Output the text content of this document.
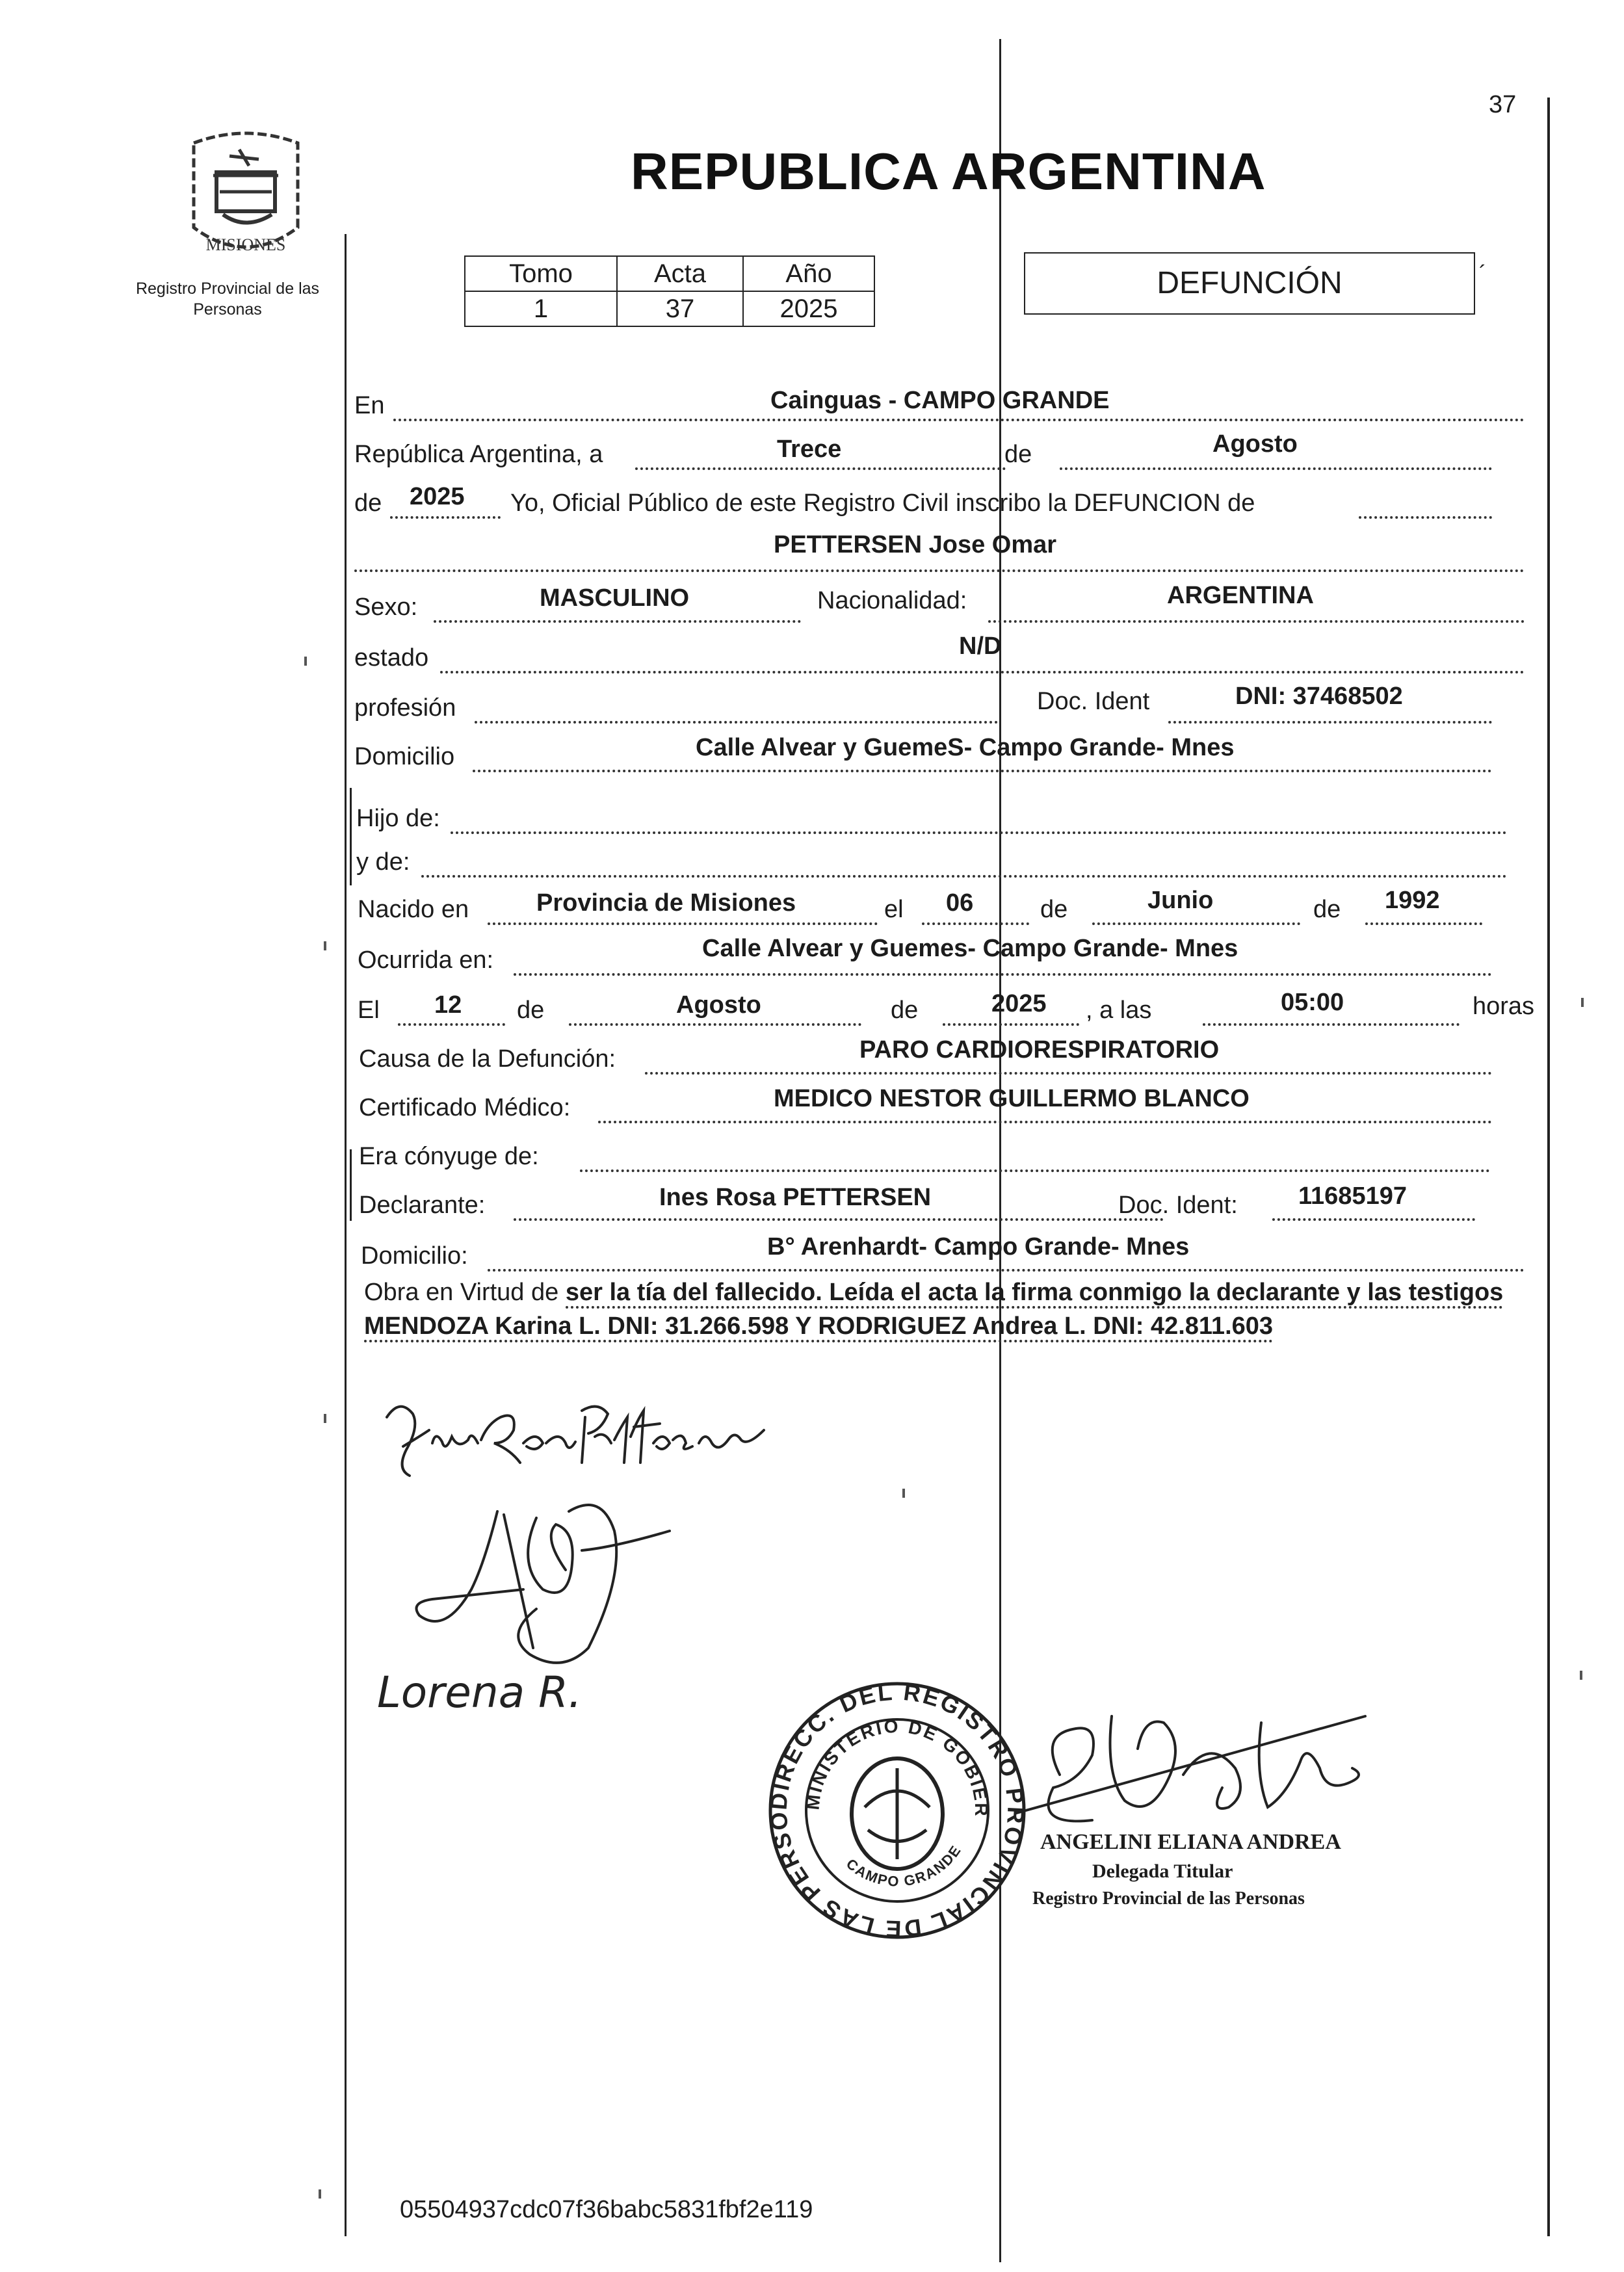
37
MISIONES
Registro Provincial de las Personas
REPUBLICA ARGENTINA
Tomo	Acta	Año
1	37	2025
DEFUNCIÓN	´
En	Cainguas - CAMPO GRANDE
República Argentina, a	Trece	de	Agosto
de 2025 Yo, Oficial Público de este Registro Civil inscribo la DEFUNCION de
PETTERSEN Jose Omar
Sexo:	MASCULINO	Nacionalidad:	ARGENTINA
estado	N/D
profesión	Doc. Ident	DNI: 37468502
Domicilio	Calle Alvear y GuemeS- Campo Grande- Mnes
Hijo de:
y de:
Nacido en	Provincia de Misiones	el 06	de	Junio	de 1992
Ocurrida en:	Calle Alvear y Guemes- Campo Grande- Mnes
El 12 de	Agosto	de	2025 , a las	05:00	horas
Causa de la Defunción:	PARO CARDIORESPIRATORIO
Certificado Médico:	MEDICO NESTOR GUILLERMO BLANCO
Era cónyuge de:
Declarante:	Ines Rosa PETTERSEN	Doc. Ident: 11685197
Domicilio:	B° Arenhardt- Campo Grande- Mnes
Obra en Virtud de ser la tía del fallecido. Leída el acta la firma conmigo la declarante y las testigos MENDOZA Karina L. DNI: 31.266.598 Y RODRIGUEZ Andrea L. DNI: 42.811.603
Lorena R.
DIRECC. DEL REGISTRO PROVINCIAL DE LAS PERSO
MINISTERIO DE GOBIER
CAMPO GRANDE	ANGELINI ELIANA ANDREA
Delegada Titular
Registro Provincial de las Personas
05504937cdc07f36babc5831fbf2e119
